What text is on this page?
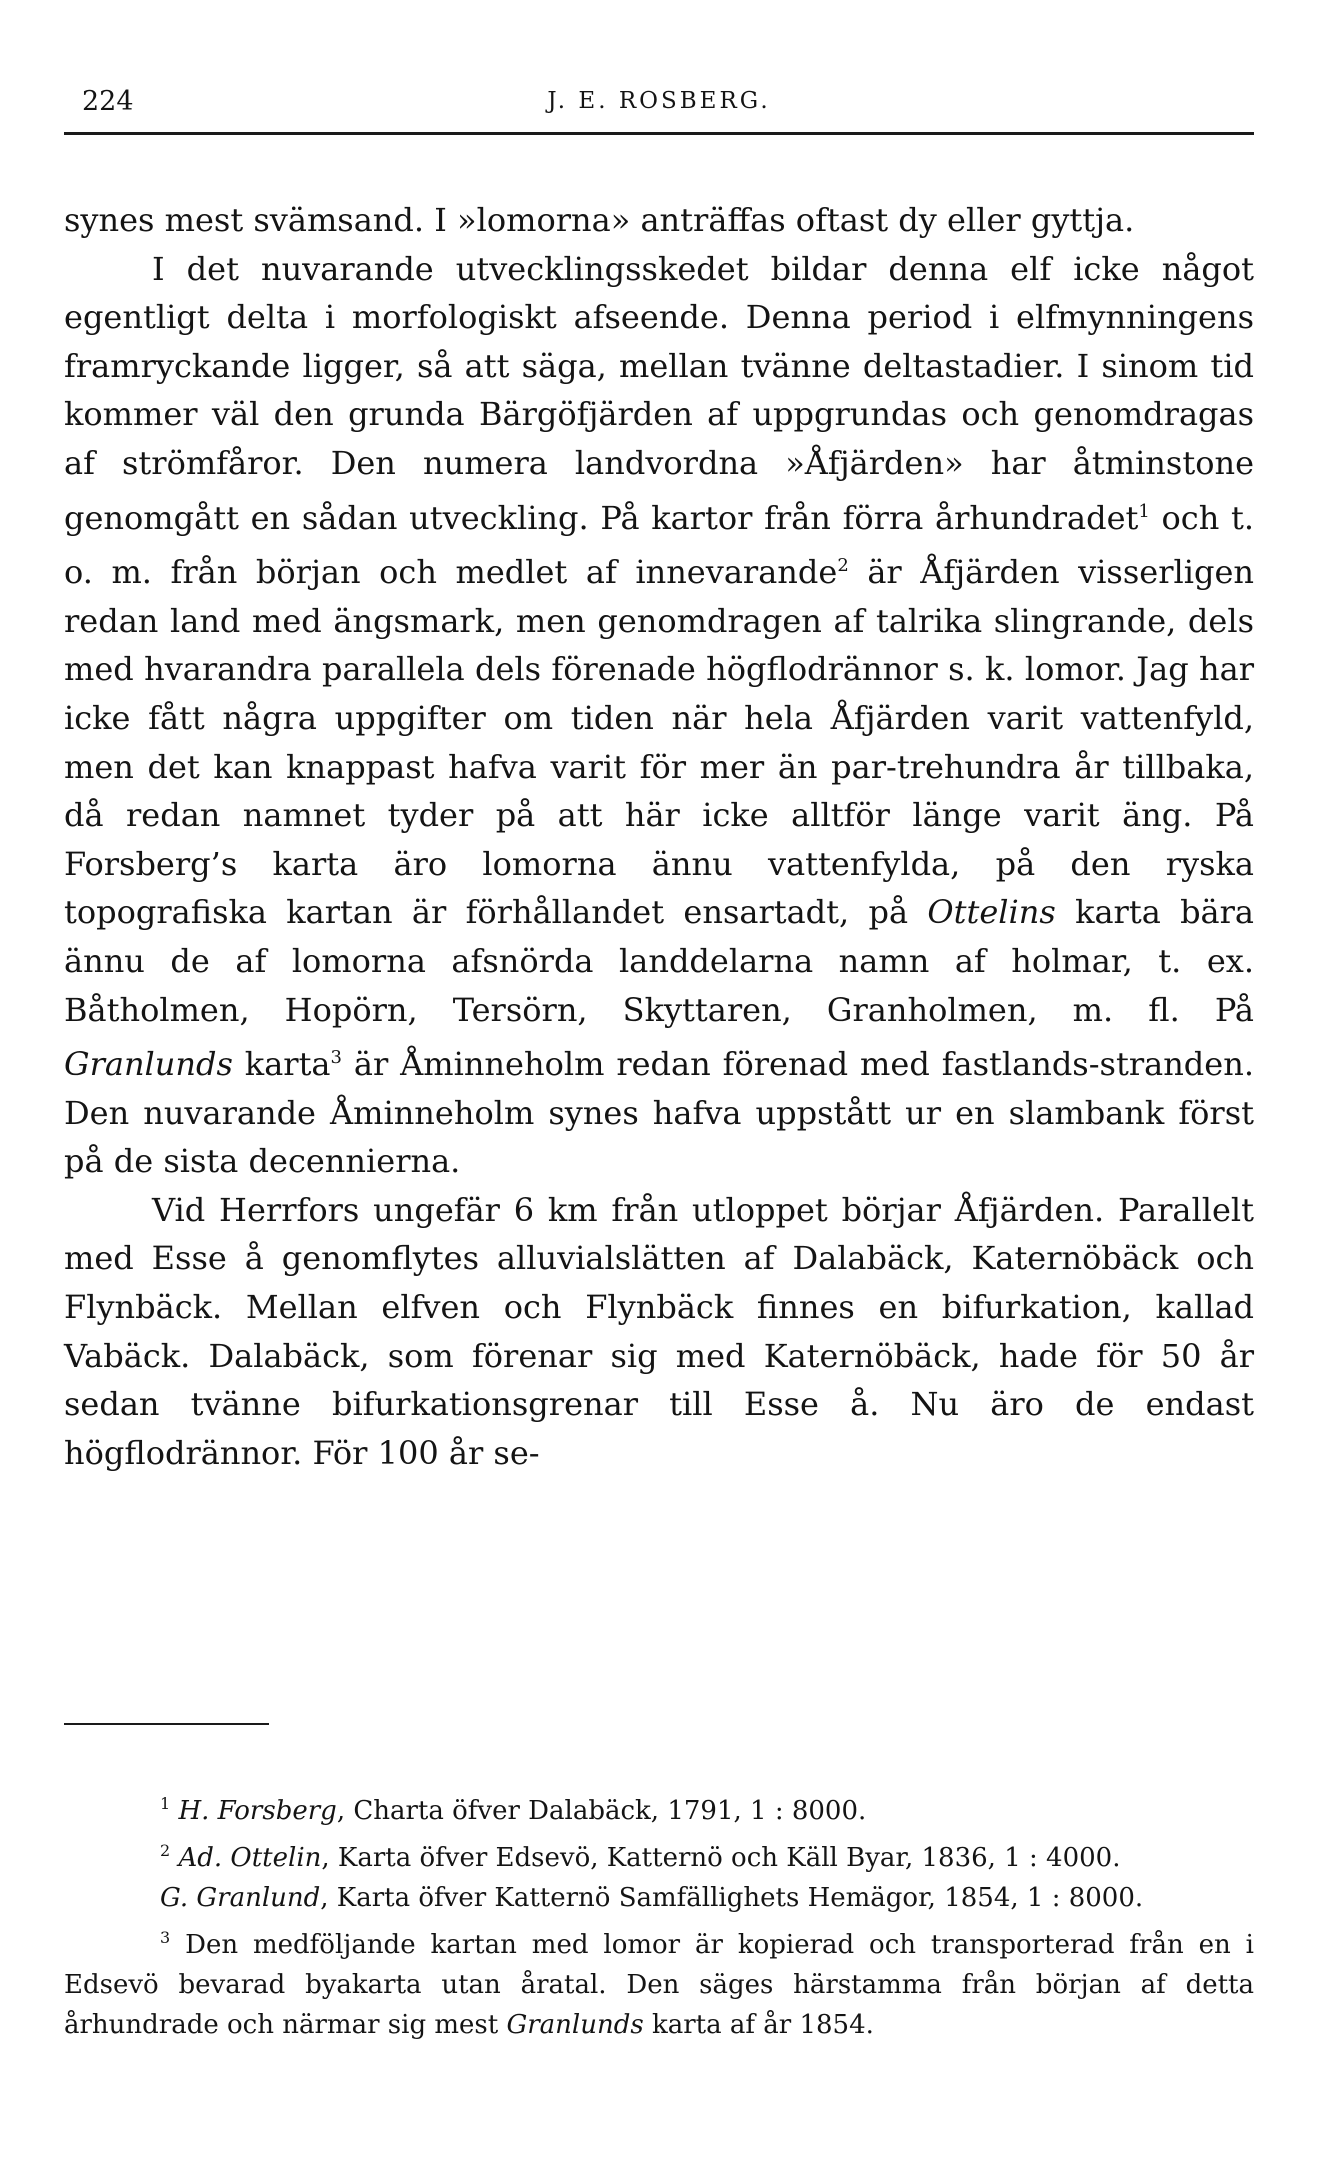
224	J. E. ROSBERG.

synes mest svämsand. I »lomorna» anträffas oftast dy eller gyttja.

I det nuvarande utvecklingsskedet bildar denna elf icke något egentligt delta i morfologiskt afseende. Denna period i elfmynningens framryckande ligger, så att säga, mellan tvänne deltastadier. I sinom tid kommer väl den grunda Bärgöfjärden af uppgrundas och genomdragas af strömfåror. Den numera landvordna »Åfjärden» har åtminstone genomgått en sådan utveckling. På kartor från förra århundradet$^1$ och t. o. m. från början och medlet af innevarande$^2$ är Åfjärden visserligen redan land med ängsmark, men genomdragen af talrika slingrande, dels med hvarandra parallela dels förenade högflodrännor s. k. lomor. Jag har icke fått några uppgifter om tiden när hela Åfjärden varit vattenfyld, men det kan knappast hafva varit för mer än par-trehundra år tillbaka, då redan namnet tyder på att här icke alltför länge varit äng. På Forsberg’s karta äro lomorna ännu vattenfylda, på den ryska topografiska kartan är förhållandet ensartadt, på Ottelins karta bära ännu de af lomorna afsnörda landdelarna namn af holmar, t. ex. Båtholmen, Hopörn, Tersörn, Skyttaren, Granholmen, m. fl. På Granlunds karta$^3$ är Åminneholm redan förenad med fastlands-stranden. Den nuvarande Åminneholm synes hafva uppstått ur en slambank först på de sista decennierna.

Vid Herrfors ungefär 6 km från utloppet börjar Åfjärden. Parallelt med Esse å genomflytes alluvialslätten af Dalabäck, Katernöbäck och Flynbäck. Mellan elfven och Flynbäck finnes en bifurkation, kallad Vabäck. Dalabäck, som förenar sig med Katernöbäck, hade för 50 år sedan tvänne bifurkationsgrenar till Esse å. Nu äro de endast högflodrännor. För 100 år se-

$^1$ H. Forsberg, Charta öfver Dalabäck, 1791, 1 : 8000.

$^2$ Ad. Ottelin, Karta öfver Edsevö, Katternö och Käll Byar, 1836, 1 : 4000.

G. Granlund, Karta öfver Katternö Samfällighets Hemägor, 1854, 1 : 8000.

$^3$ Den medföljande kartan med lomor är kopierad och transporterad från en i Edsevö bevarad byakarta utan åratal. Den säges härstamma från början af detta århundrade och närmar sig mest Granlunds karta af år 1854.
